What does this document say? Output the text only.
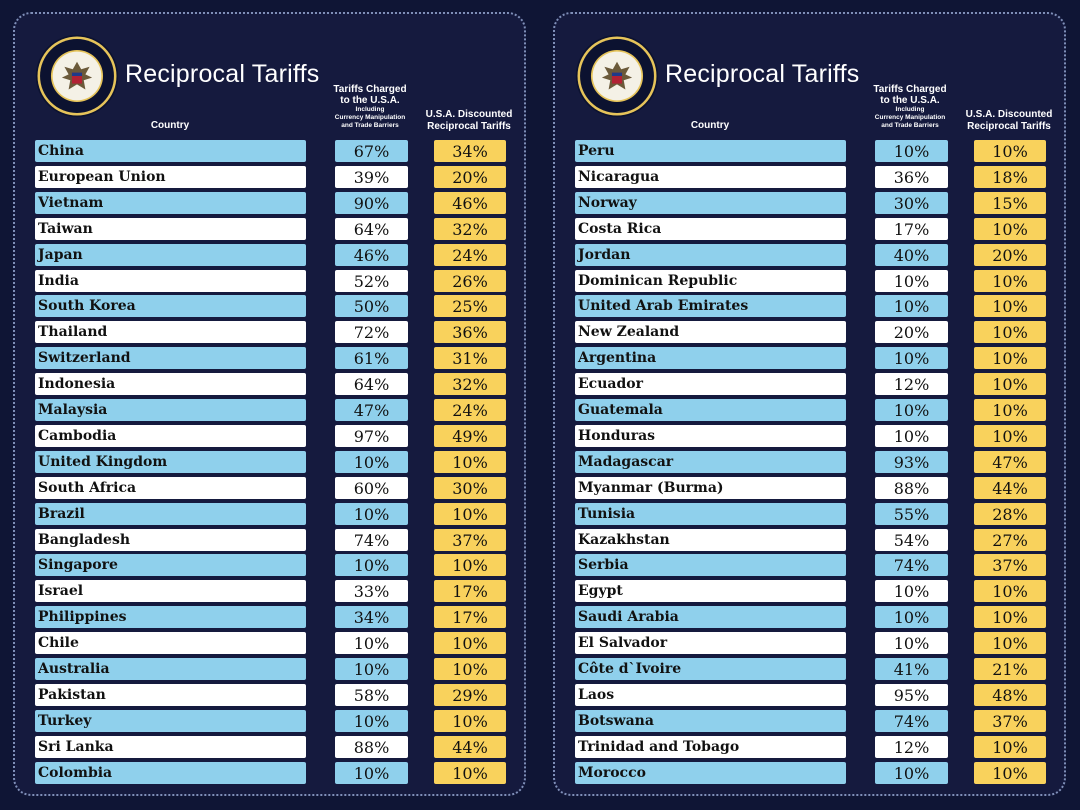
Reciprocal Tariffs
Country
Tariffs Charged
to the U.S.A.
Including
Currency Manipulation
and Trade Barriers
U.S.A. Discounted
Reciprocal Tariffs
China	67%	34%
European Union	39%	20%
Vietnam	90%	46%
Taiwan	64%	32%
Japan	46%	24%
India	52%	26%
South Korea	50%	25%
Thailand	72%	36%
Switzerland	61%	31%
Indonesia	64%	32%
Malaysia	47%	24%
Cambodia	97%	49%
United Kingdom	10%	10%
South Africa	60%	30%
Brazil	10%	10%
Bangladesh	74%	37%
Singapore	10%	10%
Israel	33%	17%
Philippines	34%	17%
Chile	10%	10%
Australia	10%	10%
Pakistan	58%	29%
Turkey	10%	10%
Sri Lanka	88%	44%
Colombia	10%	10%
Reciprocal Tariffs
Country
Tariffs Charged
to the U.S.A.
Including
Currency Manipulation
and Trade Barriers
U.S.A. Discounted
Reciprocal Tariffs
Peru	10%	10%
Nicaragua	36%	18%
Norway	30%	15%
Costa Rica	17%	10%
Jordan	40%	20%
Dominican Republic	10%	10%
United Arab Emirates	10%	10%
New Zealand	20%	10%
Argentina	10%	10%
Ecuador	12%	10%
Guatemala	10%	10%
Honduras	10%	10%
Madagascar	93%	47%
Myanmar (Burma)	88%	44%
Tunisia	55%	28%
Kazakhstan	54%	27%
Serbia	74%	37%
Egypt	10%	10%
Saudi Arabia	10%	10%
El Salvador	10%	10%
Côte d`Ivoire	41%	21%
Laos	95%	48%
Botswana	74%	37%
Trinidad and Tobago	12%	10%
Morocco	10%	10%
